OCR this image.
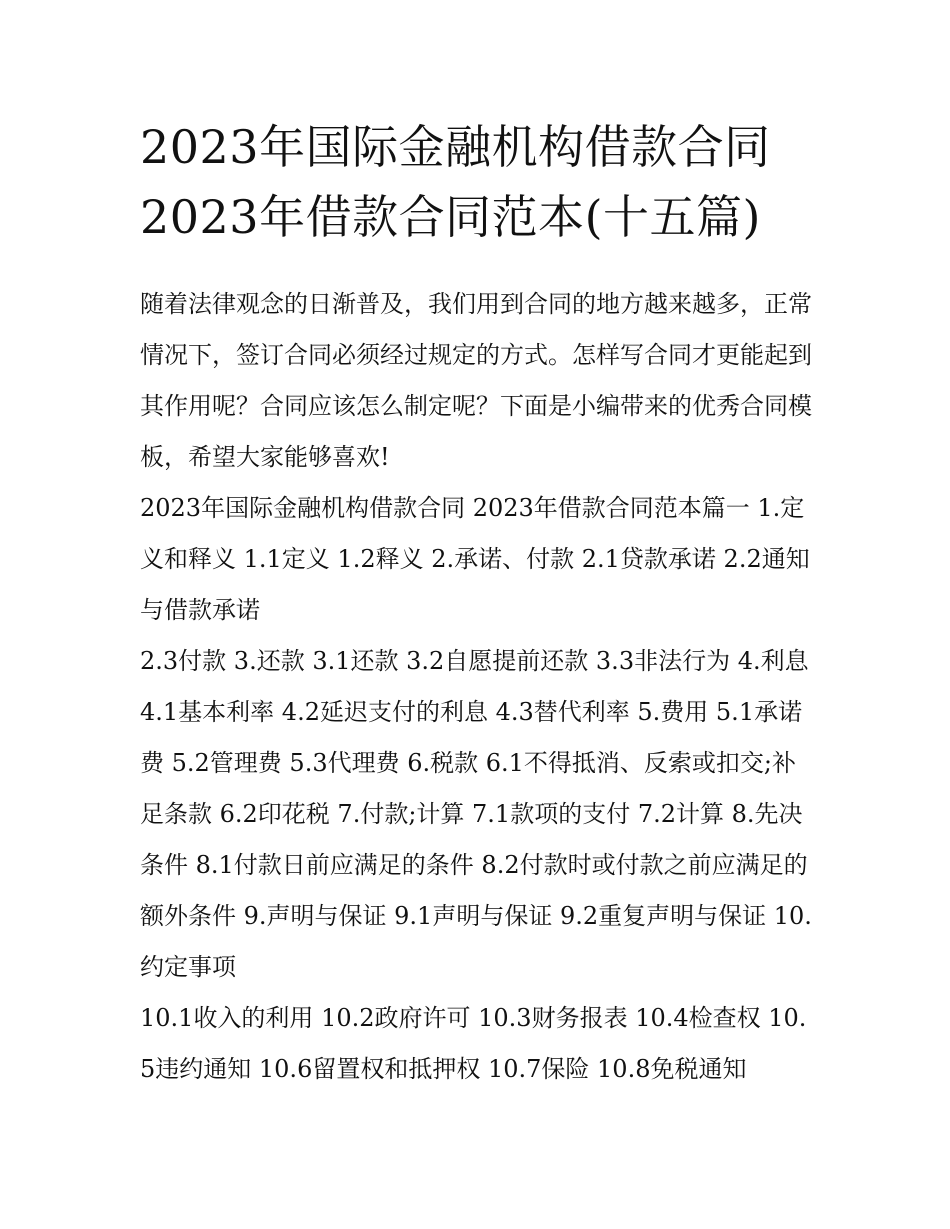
2023年国际金融机构借款合同
2023年借款合同范本(十五篇)

随着法律观念的日渐普及，我们用到合同的地方越来越多，正常情况下，签订合同必须经过规定的方式。怎样写合同才更能起到其作用呢？合同应该怎么制定呢？下面是小编带来的优秀合同模板，希望大家能够喜欢!

2023年国际金融机构借款合同 2023年借款合同范本篇一 1.定义和释义 1.1定义 1.2释义 2.承诺、付款 2.1贷款承诺 2.2通知与借款承诺

2.3付款 3.还款 3.1还款 3.2自愿提前还款 3.3非法行为 4.利息 4.1基本利率 4.2延迟支付的利息 4.3替代利率 5.费用 5.1承诺费 5.2管理费 5.3代理费 6.税款 6.1不得抵消、反索或扣交;补足条款 6.2印花税 7.付款;计算 7.1款项的支付 7.2计算 8.先决条件 8.1付款日前应满足的条件 8.2付款时或付款之前应满足的额外条件 9.声明与保证 9.1声明与保证 9.2重复声明与保证 10.约定事项

10.1收入的利用 10.2政府许可 10.3财务报表 10.4检查权 10.5违约通知 10.6留置权和抵押权 10.7保险 10.8免税通知
